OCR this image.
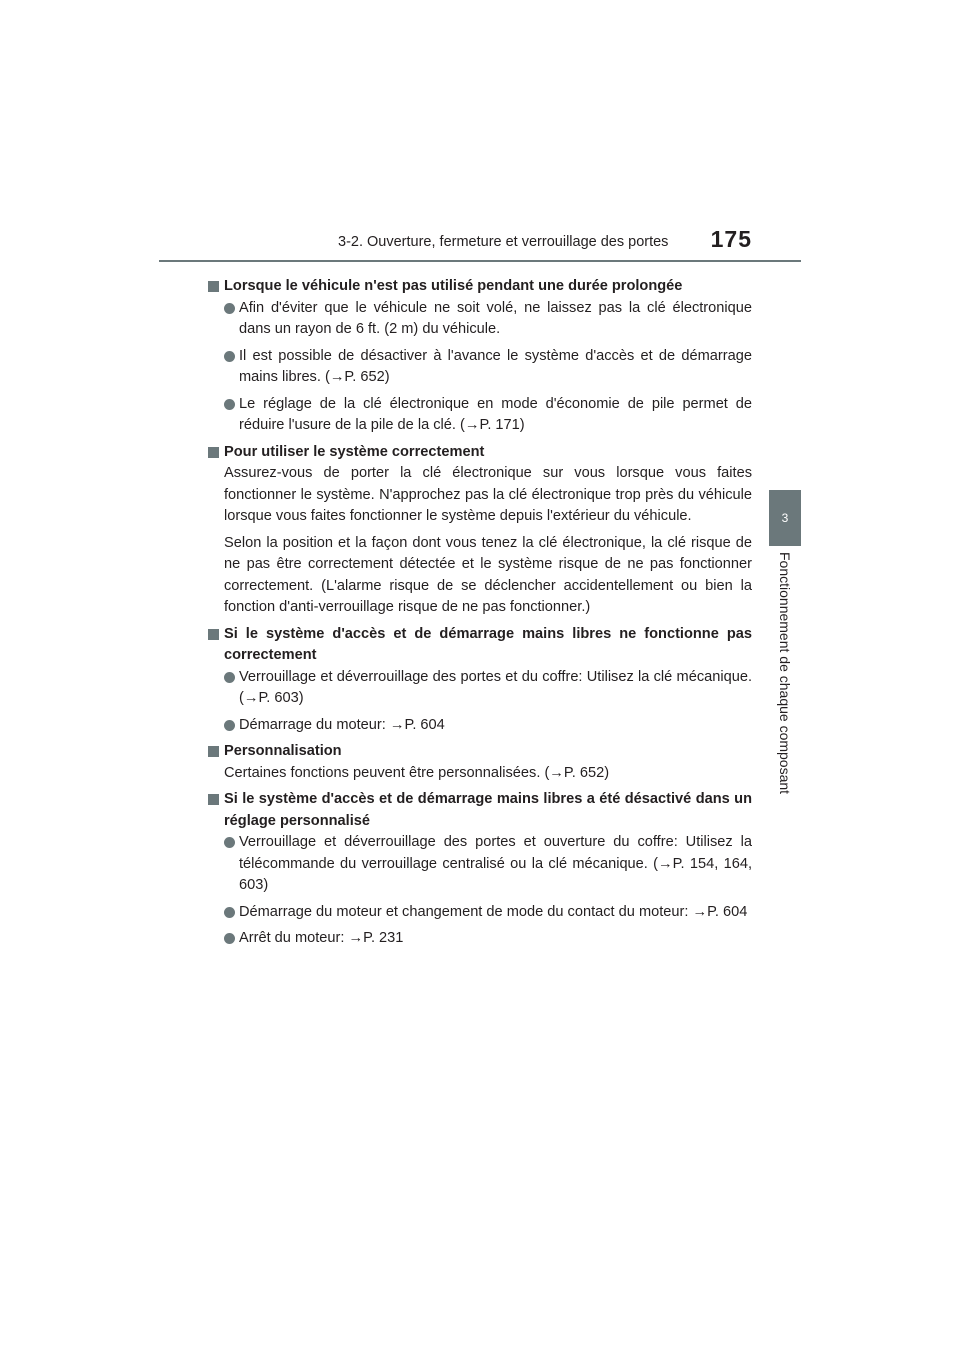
3-2. Ouverture, fermeture et verrouillage des portes	175
3
Fonctionnement de chaque composant
Lorsque le véhicule n'est pas utilisé pendant une durée prolongée
Afin d'éviter que le véhicule ne soit volé, ne laissez pas la clé électronique dans un rayon de 6 ft. (2 m) du véhicule.
Il est possible de désactiver à l'avance le système d'accès et de démarrage mains libres. (→P. 652)
Le réglage de la clé électronique en mode d'économie de pile permet de réduire l'usure de la pile de la clé. (→P. 171)
Pour utiliser le système correctement
Assurez-vous de porter la clé électronique sur vous lorsque vous faites fonctionner le système. N'approchez pas la clé électronique trop près du véhicule lorsque vous faites fonctionner le système depuis l'extérieur du véhicule.
Selon la position et la façon dont vous tenez la clé électronique, la clé risque de ne pas être correctement détectée et le système risque de ne pas fonctionner correctement. (L'alarme risque de se déclencher accidentellement ou bien la fonction d'anti-verrouillage risque de ne pas fonctionner.)
Si le système d'accès et de démarrage mains libres ne fonctionne pas correctement
Verrouillage et déverrouillage des portes et du coffre: Utilisez la clé mécanique. (→P. 603)
Démarrage du moteur: →P. 604
Personnalisation
Certaines fonctions peuvent être personnalisées. (→P. 652)
Si le système d'accès et de démarrage mains libres a été désactivé dans un réglage personnalisé
Verrouillage et déverrouillage des portes et ouverture du coffre: Utilisez la télécommande du verrouillage centralisé ou la clé mécanique. (→P. 154, 164, 603)
Démarrage du moteur et changement de mode du contact du moteur: →P. 604
Arrêt du moteur: →P. 231
